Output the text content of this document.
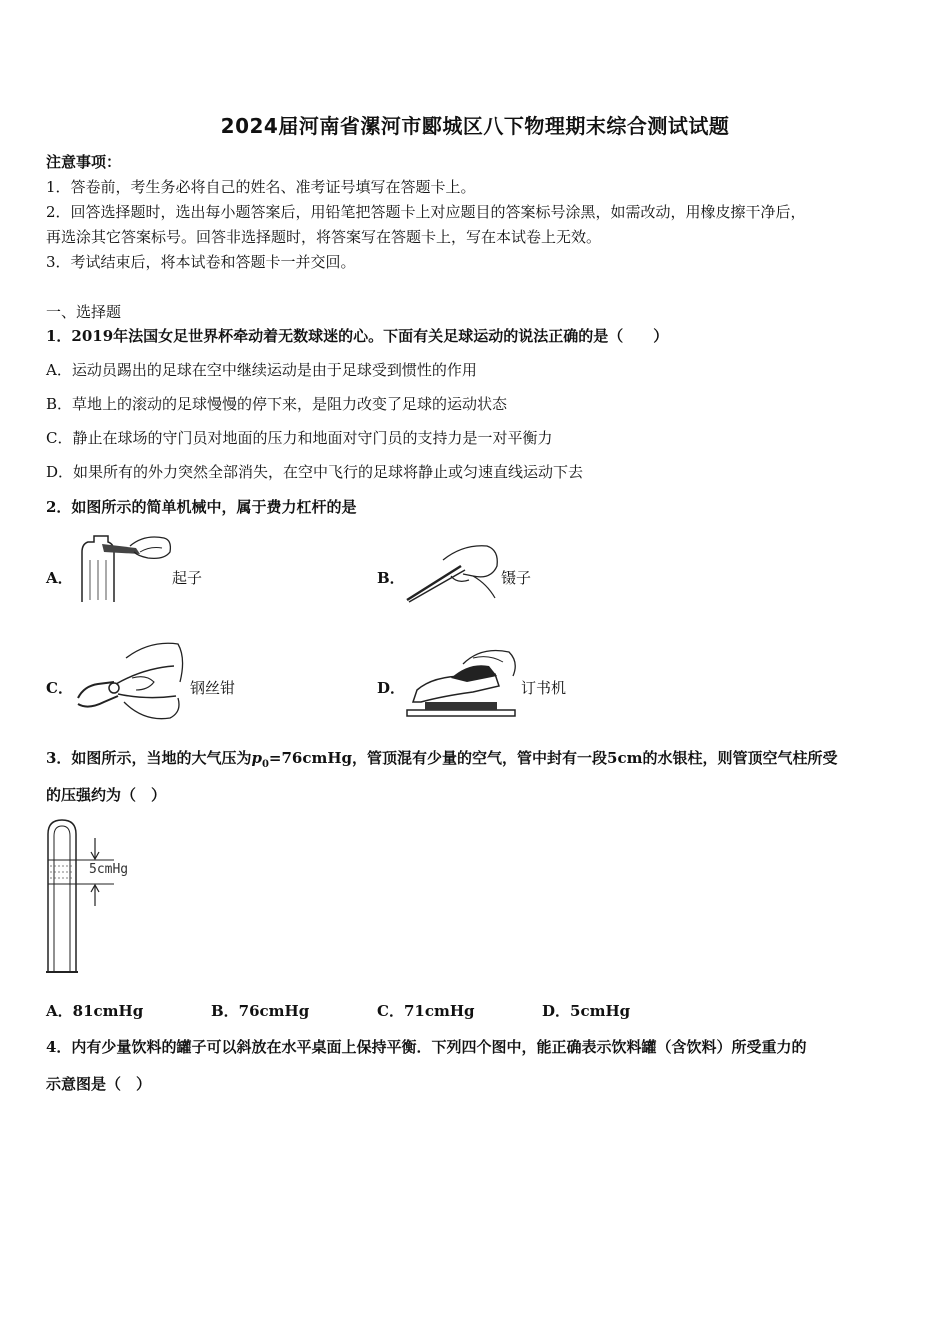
2024届河南省漯河市郾城区八下物理期末综合测试试题
注意事项：
1．答卷前，考生务必将自己的姓名、准考证号填写在答题卡上。
2．回答选择题时，选出每小题答案后，用铅笔把答题卡上对应题目的答案标号涂黑，如需改动，用橡皮擦干净后，
再选涂其它答案标号。回答非选择题时，将答案写在答题卡上，写在本试卷上无效。
3．考试结束后，将本试卷和答题卡一并交回。
一、选择题
1．2019年法国女足世界杯牵动着无数球迷的心。下面有关足球运动的说法正确的是（　　）
A．运动员踢出的足球在空中继续运动是由于足球受到惯性的作用
B．草地上的滚动的足球慢慢的停下来，是阻力改变了足球的运动状态
C．静止在球场的守门员对地面的压力和地面对守门员的支持力是一对平衡力
D．如果所有的外力突然全部消失，在空中飞行的足球将静止或匀速直线运动下去
2．如图所示的简单机械中，属于费力杠杆的是
A．	起子	B．	镊子
C．	钢丝钳	D．	订书机
3．如图所示，当地的大气压为$p_0=76cmHg$，管顶混有少量的空气，管中封有一段5cm的水银柱，则管顶空气柱所受
的压强约为（　）
5cmHg
A．81cmHg	B．76cmHg	C．71cmHg	D．5cmHg
4．内有少量饮料的罐子可以斜放在水平桌面上保持平衡．下列四个图中，能正确表示饮料罐（含饮料）所受重力的
示意图是（　）
